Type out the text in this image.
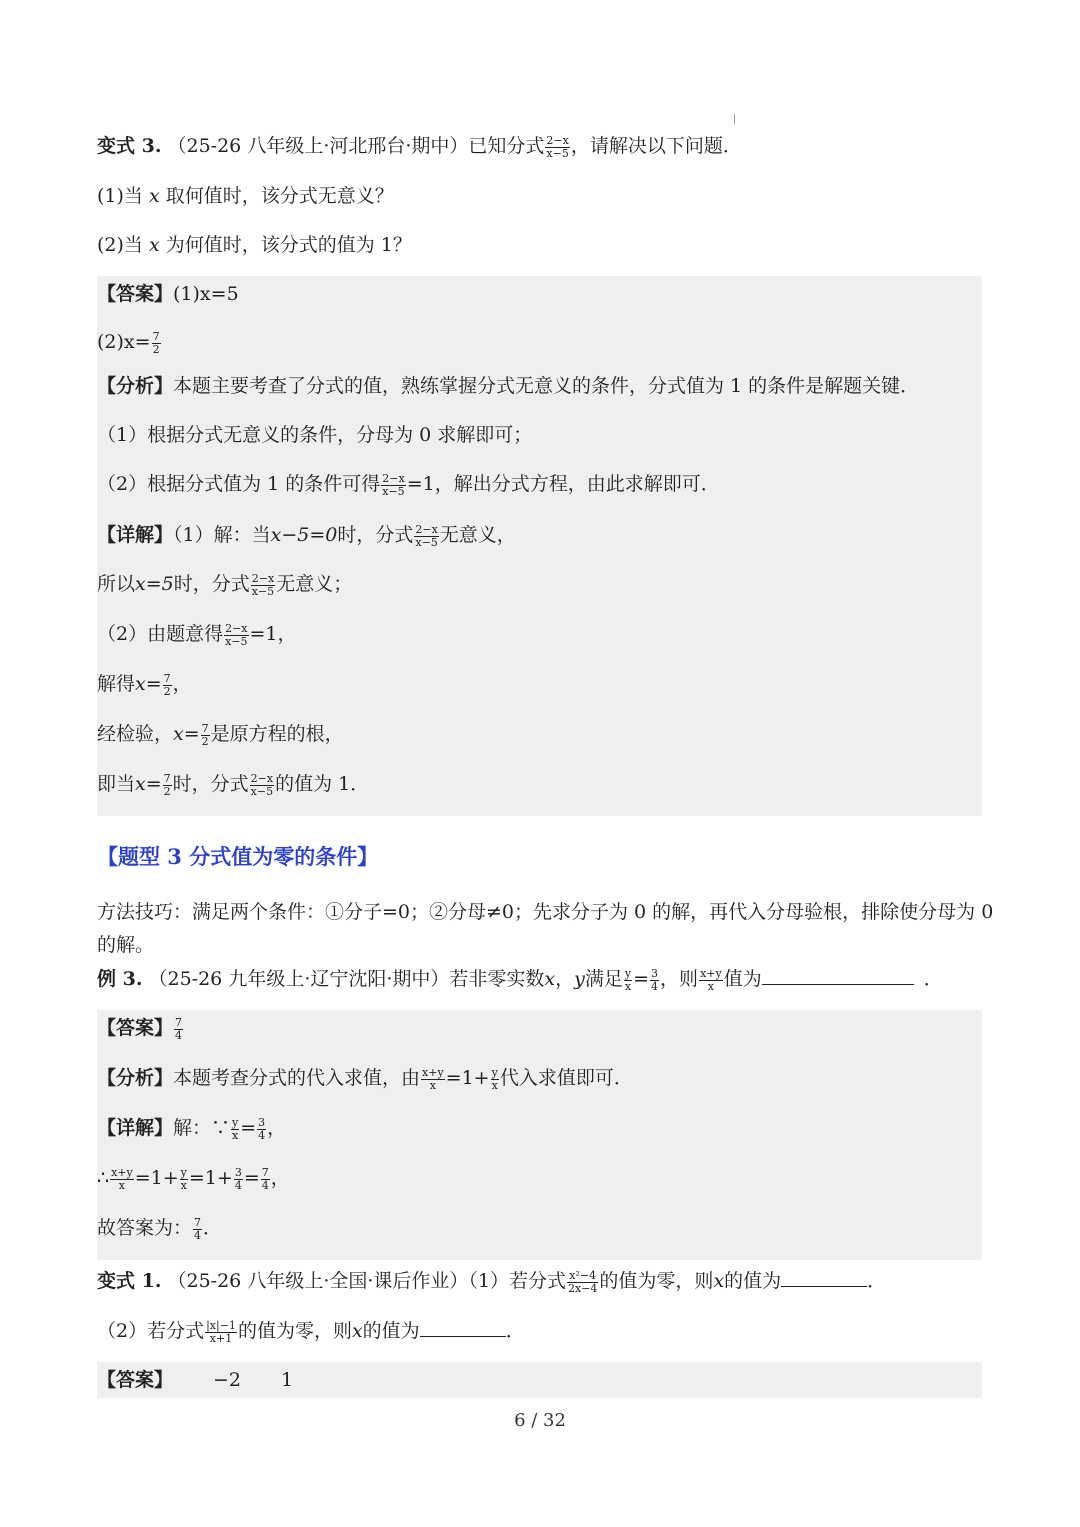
变式 3. （25-26 八年级上·河北邢台·期中）已知分式 $\frac{2-x}{x-5}$ ，请解决以下问题．
(1)当 x 取何值时，该分式无意义？
(2)当 x 为何值时，该分式的值为 1？
【答案】(1)x=5
$(2)x= \frac{7}{2}$
【分析】本题主要考查了分式的值，熟练掌握分式无意义的条件，分式值为 1 的条件是解题关键．
（1）根据分式无意义的条件，分母为 0 求解即可；
（2）根据分式值为 1 的条件可得 $\frac{2-x}{x-5} =1$，解出分式方程，由此求解即可．
【详解】（1）解：当x−5=0时，分式 $\frac{2-x}{x-5}$ 无意义，
所以x=5时，分式 $\frac{2-x}{x-5}$ 无意义；
（2）由题意得 $\frac{2-x}{x-5} =1$，
解得$x= \frac{7}{2}$ ，
经检验，$x= \frac{7}{2}$ 是原方程的根，
即当$x= \frac{7}{2}$ 时，分式 $\frac{2-x}{x-5}$ 的值为 1．
【题型 3 分式值为零的条件】
方法技巧：满足两个条件：①分子=0；②分母≠0；先求分子为 0 的解，再代入分母验根，排除使分母为 0
的解。
例 3. （25-26 九年级上·辽宁沈阳·期中）若非零实数x，y满足 $\frac{y}{x} = \frac{3}{4}$ ，则 $\frac{x+y}{x}$ 值为	．
【答案】 $\frac{7}{4}$
【分析】本题考查分式的代入求值，由 $\frac{x+y}{x} =1+ \frac{y}{x}$ 代入求值即可．
【详解】解：∵ $\frac{y}{x} = \frac{3}{4}$ ，
∴ $\frac{x+y}{x} =1+ \frac{y}{x} =1+ \frac{3}{4} = \frac{7}{4}$ ，
故答案为： $\frac{7}{4}$ ．
变式 1. （25-26 八年级上·全国·课后作业）（1）若分式 $\frac{\text{x²−4}}{2x-4}$ 的值为零，则x的值为	．
（2）若分式 $\frac{|x|-1}{x+1}$ 的值为零，则x的值为	．
【答案】 −2 1
6 / 32
